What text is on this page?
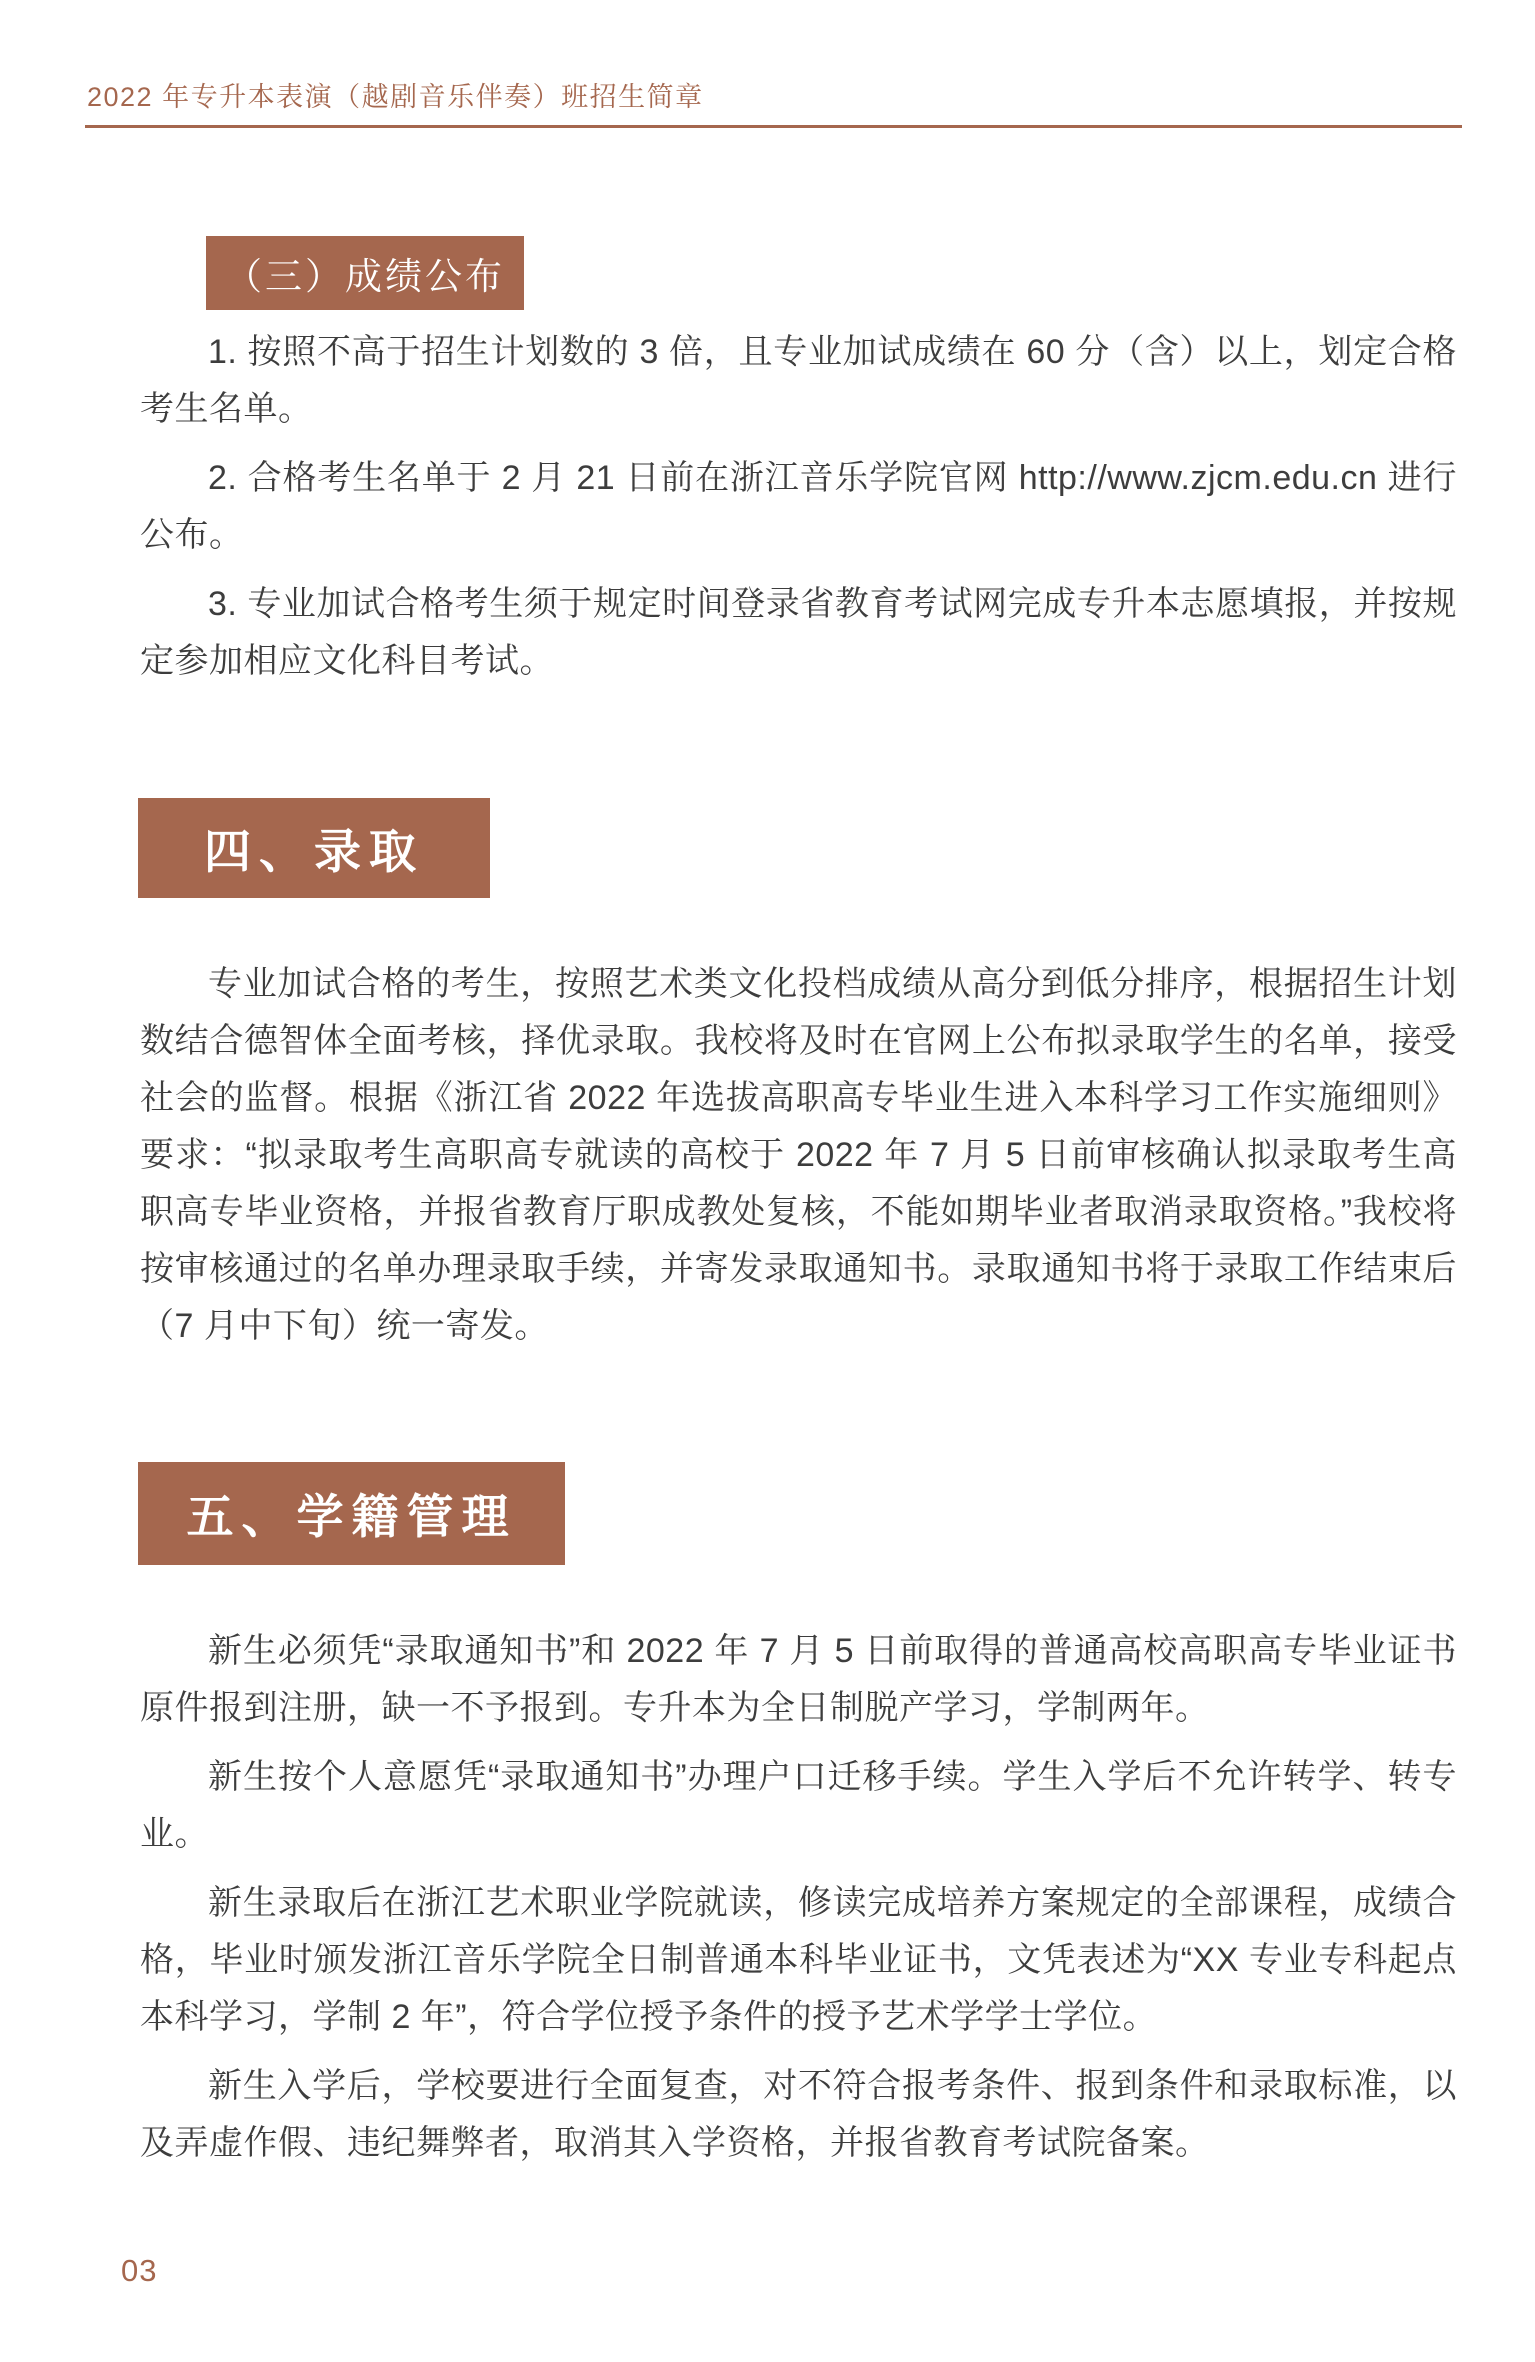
2022 年专升本表演（越剧音乐伴奏）班招生简章
（三）成绩公布

1. 按照不高于招生计划数的 3 倍，且专业加试成绩在 60 分（含）以上，划定合格考生名单。

2. 合格考生名单于 2 月 21 日前在浙江音乐学院官网 http://www.zjcm.edu.cn 进行公布。

3. 专业加试合格考生须于规定时间登录省教育考试网完成专升本志愿填报，并按规定参加相应文化科目考试。

四、录取

专业加试合格的考生，按照艺术类文化投档成绩从高分到低分排序，根据招生计划数结合德智体全面考核，择优录取。我校将及时在官网上公布拟录取学生的名单，接受社会的监督。根据《浙江省 2022 年选拔高职高专毕业生进入本科学习工作实施细则》要求：“拟录取考生高职高专就读的高校于 2022 年 7 月 5 日前审核确认拟录取考生高职高专毕业资格，并报省教育厅职成教处复核，不能如期毕业者取消录取资格。”我校将按审核通过的名单办理录取手续，并寄发录取通知书。录取通知书将于录取工作结束后（7 月中下旬）统一寄发。

五、学籍管理

新生必须凭“录取通知书”和 2022 年 7 月 5 日前取得的普通高校高职高专毕业证书原件报到注册，缺一不予报到。专升本为全日制脱产学习，学制两年。

新生按个人意愿凭“录取通知书”办理户口迁移手续。学生入学后不允许转学、转专业。

新生录取后在浙江艺术职业学院就读，修读完成培养方案规定的全部课程，成绩合格，毕业时颁发浙江音乐学院全日制普通本科毕业证书，文凭表述为“XX 专业专科起点本科学习，学制 2 年”，符合学位授予条件的授予艺术学学士学位。

新生入学后，学校要进行全面复查，对不符合报考条件、报到条件和录取标准，以及弄虚作假、违纪舞弊者，取消其入学资格，并报省教育考试院备案。

03
